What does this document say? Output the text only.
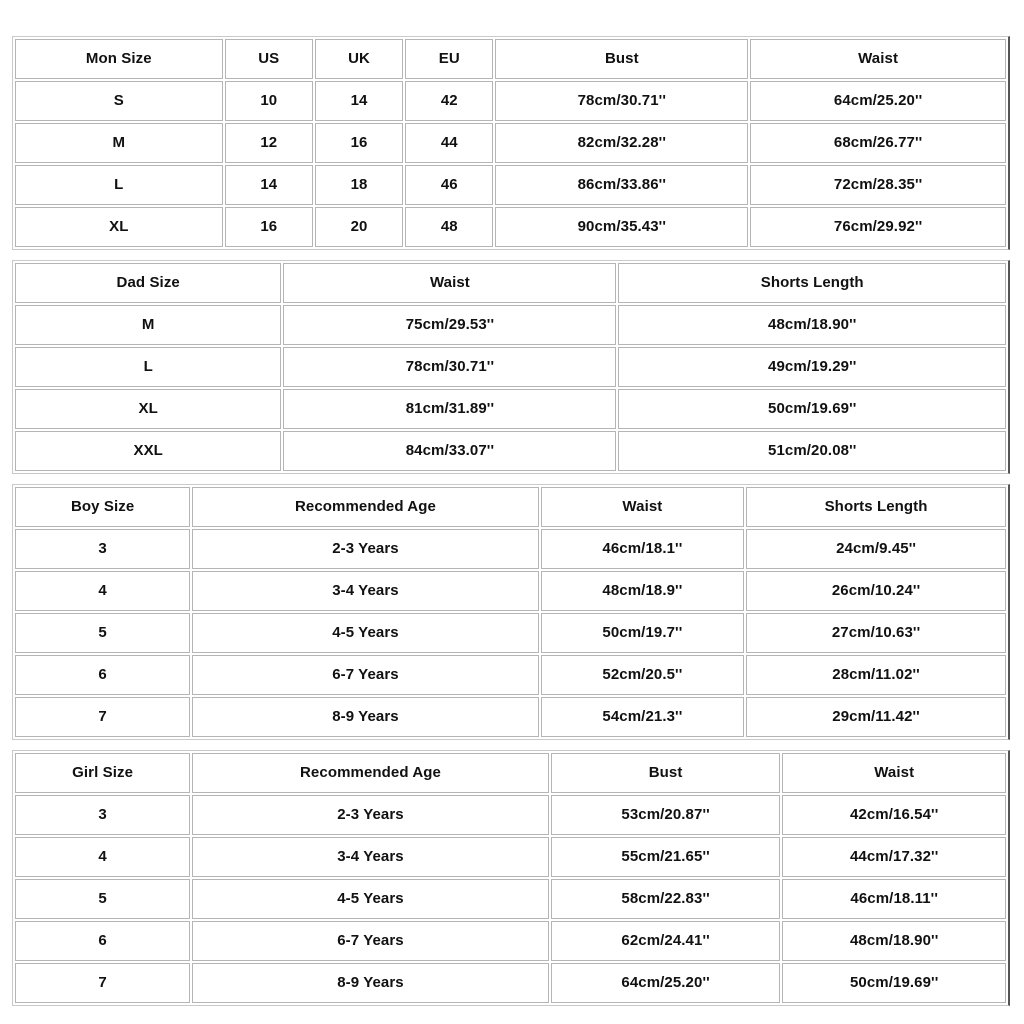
Mon Size	US	UK	EU	Bust	Waist
S	10	14	42	78cm/30.71''	64cm/25.20''
M	12	16	44	82cm/32.28''	68cm/26.77''
L	14	18	46	86cm/33.86''	72cm/28.35''
XL	16	20	48	90cm/35.43''	76cm/29.92''
Dad Size	Waist	Shorts Length
M	75cm/29.53''	48cm/18.90''
L	78cm/30.71''	49cm/19.29''
XL	81cm/31.89''	50cm/19.69''
XXL	84cm/33.07''	51cm/20.08''
Boy Size	Recommended Age	Waist	Shorts Length
3	2-3 Years	46cm/18.1''	24cm/9.45''
4	3-4 Years	48cm/18.9''	26cm/10.24''
5	4-5 Years	50cm/19.7''	27cm/10.63''
6	6-7 Years	52cm/20.5''	28cm/11.02''
7	8-9 Years	54cm/21.3''	29cm/11.42''
Girl Size	Recommended Age	Bust	Waist
3	2-3 Years	53cm/20.87''	42cm/16.54''
4	3-4 Years	55cm/21.65''	44cm/17.32''
5	4-5 Years	58cm/22.83''	46cm/18.11''
6	6-7 Years	62cm/24.41''	48cm/18.90''
7	8-9 Years	64cm/25.20''	50cm/19.69''
